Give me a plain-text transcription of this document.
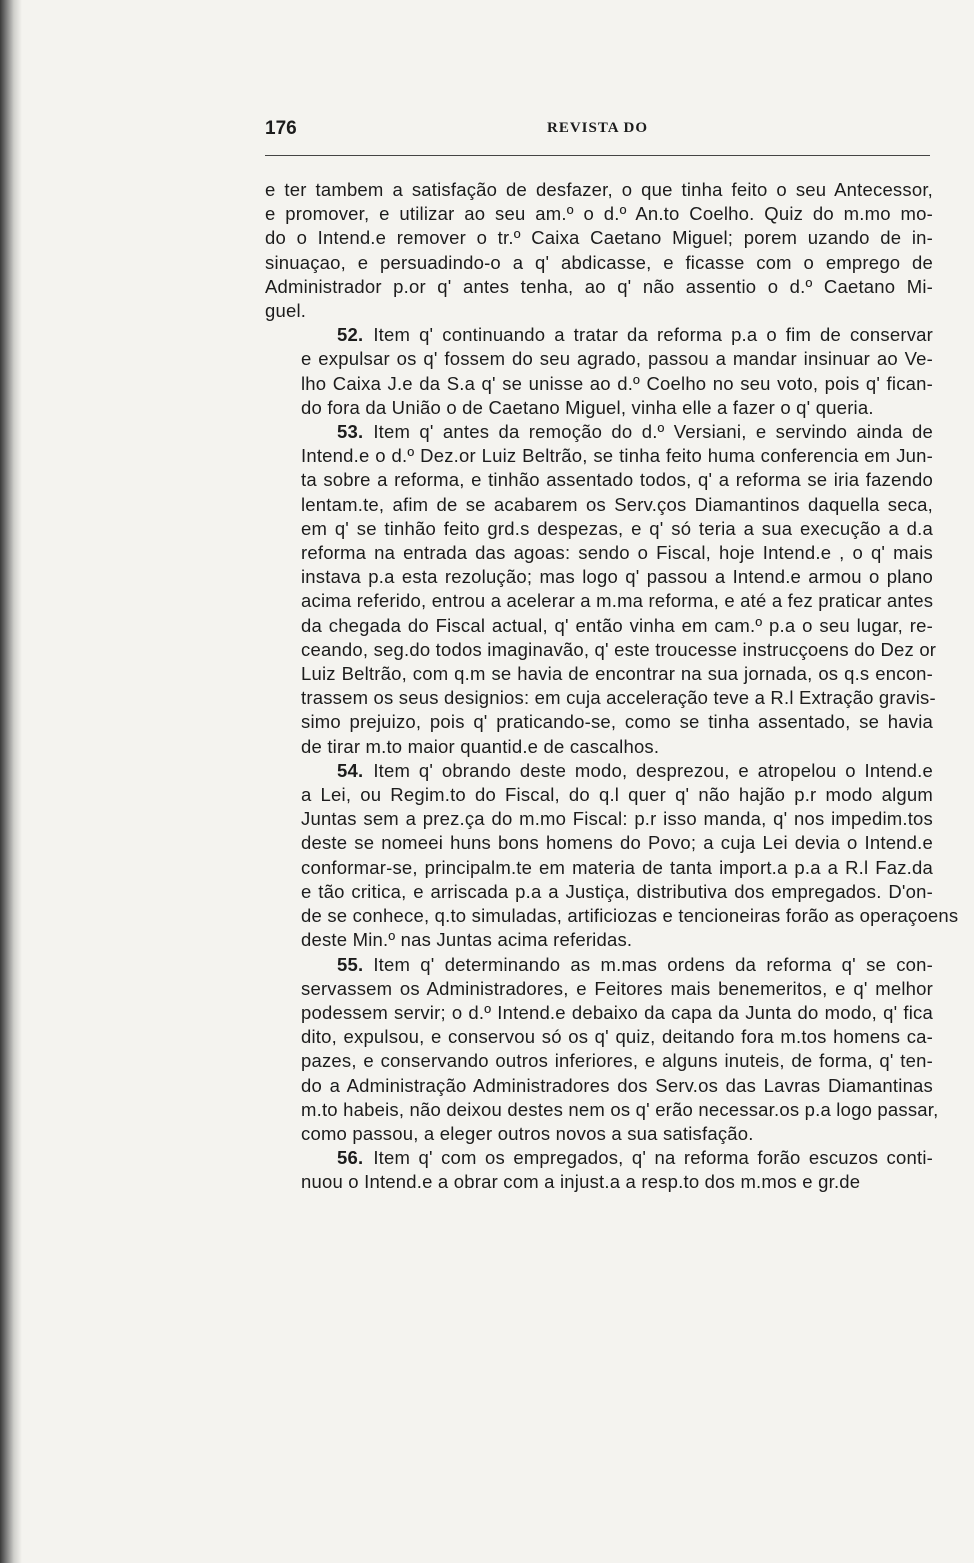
176	REVISTA DO
e ter tambem a satisfação de desfazer, o que tinha feito o seu Antecessor,
e promover, e utilizar ao seu am.º o d.º An.to Coelho. Quiz do m.mo mo-
do o Intend.e remover o tr.º Caixa Caetano Miguel; porem uzando de in-
sinuaçao, e persuadindo-o a q' abdicasse, e ficasse com o emprego de
Administrador p.or q' antes tenha, ao q' não assentio o d.º Caetano Mi-
guel.
52. Item q' continuando a tratar da reforma p.a o fim de conservar
e expulsar os q' fossem do seu agrado, passou a mandar insinuar ao Ve-
lho Caixa J.e da S.a q' se unisse ao d.º Coelho no seu voto, pois q' fican-
do fora da União o de Caetano Miguel, vinha elle a fazer o q' queria.
53. Item q' antes da remoção do d.º Versiani, e servindo ainda de
Intend.e o d.º Dez.or Luiz Beltrão, se tinha feito huma conferencia em Jun-
ta sobre a reforma, e tinhão assentado todos, q' a reforma se iria fazendo
lentam.te, afim de se acabarem os Serv.ços Diamantinos daquella seca,
em q' se tinhão feito grd.s despezas, e q' só teria a sua execução a d.a
reforma na entrada das agoas: sendo o Fiscal, hoje Intend.e , o q' mais
instava p.a esta rezolução; mas logo q' passou a Intend.e armou o plano
acima referido, entrou a acelerar a m.ma reforma, e até a fez praticar antes
da chegada do Fiscal actual, q' então vinha em cam.º p.a o seu lugar, re-
ceando, seg.do todos imaginavão, q' este troucesse instrucçoens do Dez or
Luiz Beltrão, com q.m se havia de encontrar na sua jornada, os q.s encon-
trassem os seus designios: em cuja acceleração teve a R.l Extração gravis-
simo prejuizo, pois q' praticando-se, como se tinha assentado, se havia
de tirar m.to maior quantid.e de cascalhos.
54. Item q' obrando deste modo, desprezou, e atropelou o Intend.e
a Lei, ou Regim.to do Fiscal, do q.l quer q' não hajão p.r modo algum
Juntas sem a prez.ça do m.mo Fiscal: p.r isso manda, q' nos impedim.tos
deste se nomeei huns bons homens do Povo; a cuja Lei devia o Intend.e
conformar-se, principalm.te em materia de tanta import.a p.a a R.l Faz.da
e tão critica, e arriscada p.a a Justiça, distributiva dos empregados. D'on-
de se conhece, q.to simuladas, artificiozas e tencioneiras forão as operaçoens
deste Min.º nas Juntas acima referidas.
55. Item q' determinando as m.mas ordens da reforma q' se con-
servassem os Administradores, e Feitores mais benemeritos, e q' melhor
podessem servir; o d.º Intend.e debaixo da capa da Junta do modo, q' fica
dito, expulsou, e conservou só os q' quiz, deitando fora m.tos homens ca-
pazes, e conservando outros inferiores, e alguns inuteis, de forma, q' ten-
do a Administração Administradores dos Serv.os das Lavras Diamantinas
m.to habeis, não deixou destes nem os q' erão necessar.os p.a logo passar,
como passou, a eleger outros novos a sua satisfação.
56. Item q' com os empregados, q' na reforma forão escuzos conti-
nuou o Intend.e a obrar com a injust.a a resp.to dos m.mos e gr.de
